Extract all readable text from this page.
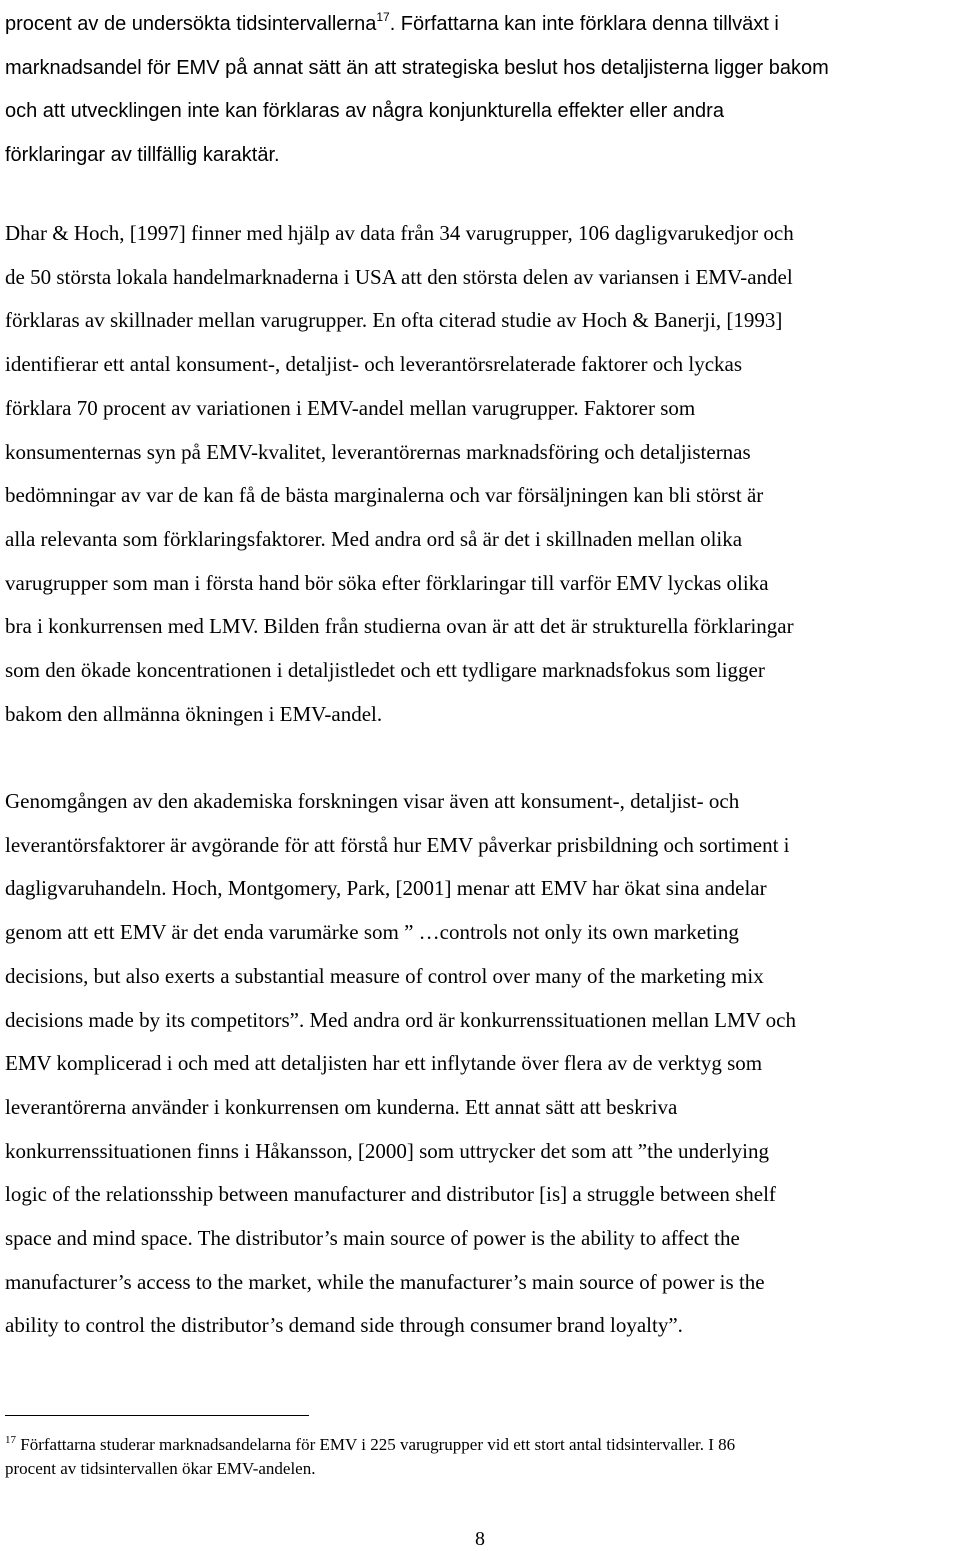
procent av de undersökta tidsintervallerna$^{17}$. Författarna kan inte förklara denna tillväxt i
marknadsandel för EMV på annat sätt än att strategiska beslut hos detaljisterna ligger bakom
och att utvecklingen inte kan förklaras av några konjunkturella effekter eller andra
förklaringar av tillfällig karaktär.

Dhar & Hoch, [1997] finner med hjälp av data från 34 varugrupper, 106 dagligvarukedjor och
de 50 största lokala handelmarknaderna i USA att den största delen av variansen i EMV-andel
förklaras av skillnader mellan varugrupper. En ofta citerad studie av Hoch & Banerji, [1993]
identifierar ett antal konsument-, detaljist- och leverantörsrelaterade faktorer och lyckas
förklara 70 procent av variationen i EMV-andel mellan varugrupper. Faktorer som
konsumenternas syn på EMV-kvalitet, leverantörernas marknadsföring och detaljisternas
bedömningar av var de kan få de bästa marginalerna och var försäljningen kan bli störst är
alla relevanta som förklaringsfaktorer. Med andra ord så är det i skillnaden mellan olika
varugrupper som man i första hand bör söka efter förklaringar till varför EMV lyckas olika
bra i konkurrensen med LMV. Bilden från studierna ovan är att det är strukturella förklaringar
som den ökade koncentrationen i detaljistledet och ett tydligare marknadsfokus som ligger
bakom den allmänna ökningen i EMV-andel.

Genomgången av den akademiska forskningen visar även att konsument-, detaljist- och
leverantörsfaktorer är avgörande för att förstå hur EMV påverkar prisbildning och sortiment i
dagligvaruhandeln. Hoch, Montgomery, Park, [2001] menar att EMV har ökat sina andelar
genom att ett EMV är det enda varumärke som ” …controls not only its own marketing
decisions, but also exerts a substantial measure of control over many of the marketing mix
decisions made by its competitors”. Med andra ord är konkurrenssituationen mellan LMV och
EMV komplicerad i och med att detaljisten har ett inflytande över flera av de verktyg som
leverantörerna använder i konkurrensen om kunderna. Ett annat sätt att beskriva
konkurrenssituationen finns i Håkansson, [2000] som uttrycker det som att ”the underlying
logic of the relationsship between manufacturer and distributor [is] a struggle between shelf
space and mind space. The distributor’s main source of power is the ability to affect the
manufacturer’s access to the market, while the manufacturer’s main source of power is the
ability to control the distributor’s demand side through consumer brand loyalty”.

$^{17}$ Författarna studerar marknadsandelarna för EMV i 225 varugrupper vid ett stort antal tidsintervaller. I 86
procent av tidsintervallen ökar EMV-andelen.

8
